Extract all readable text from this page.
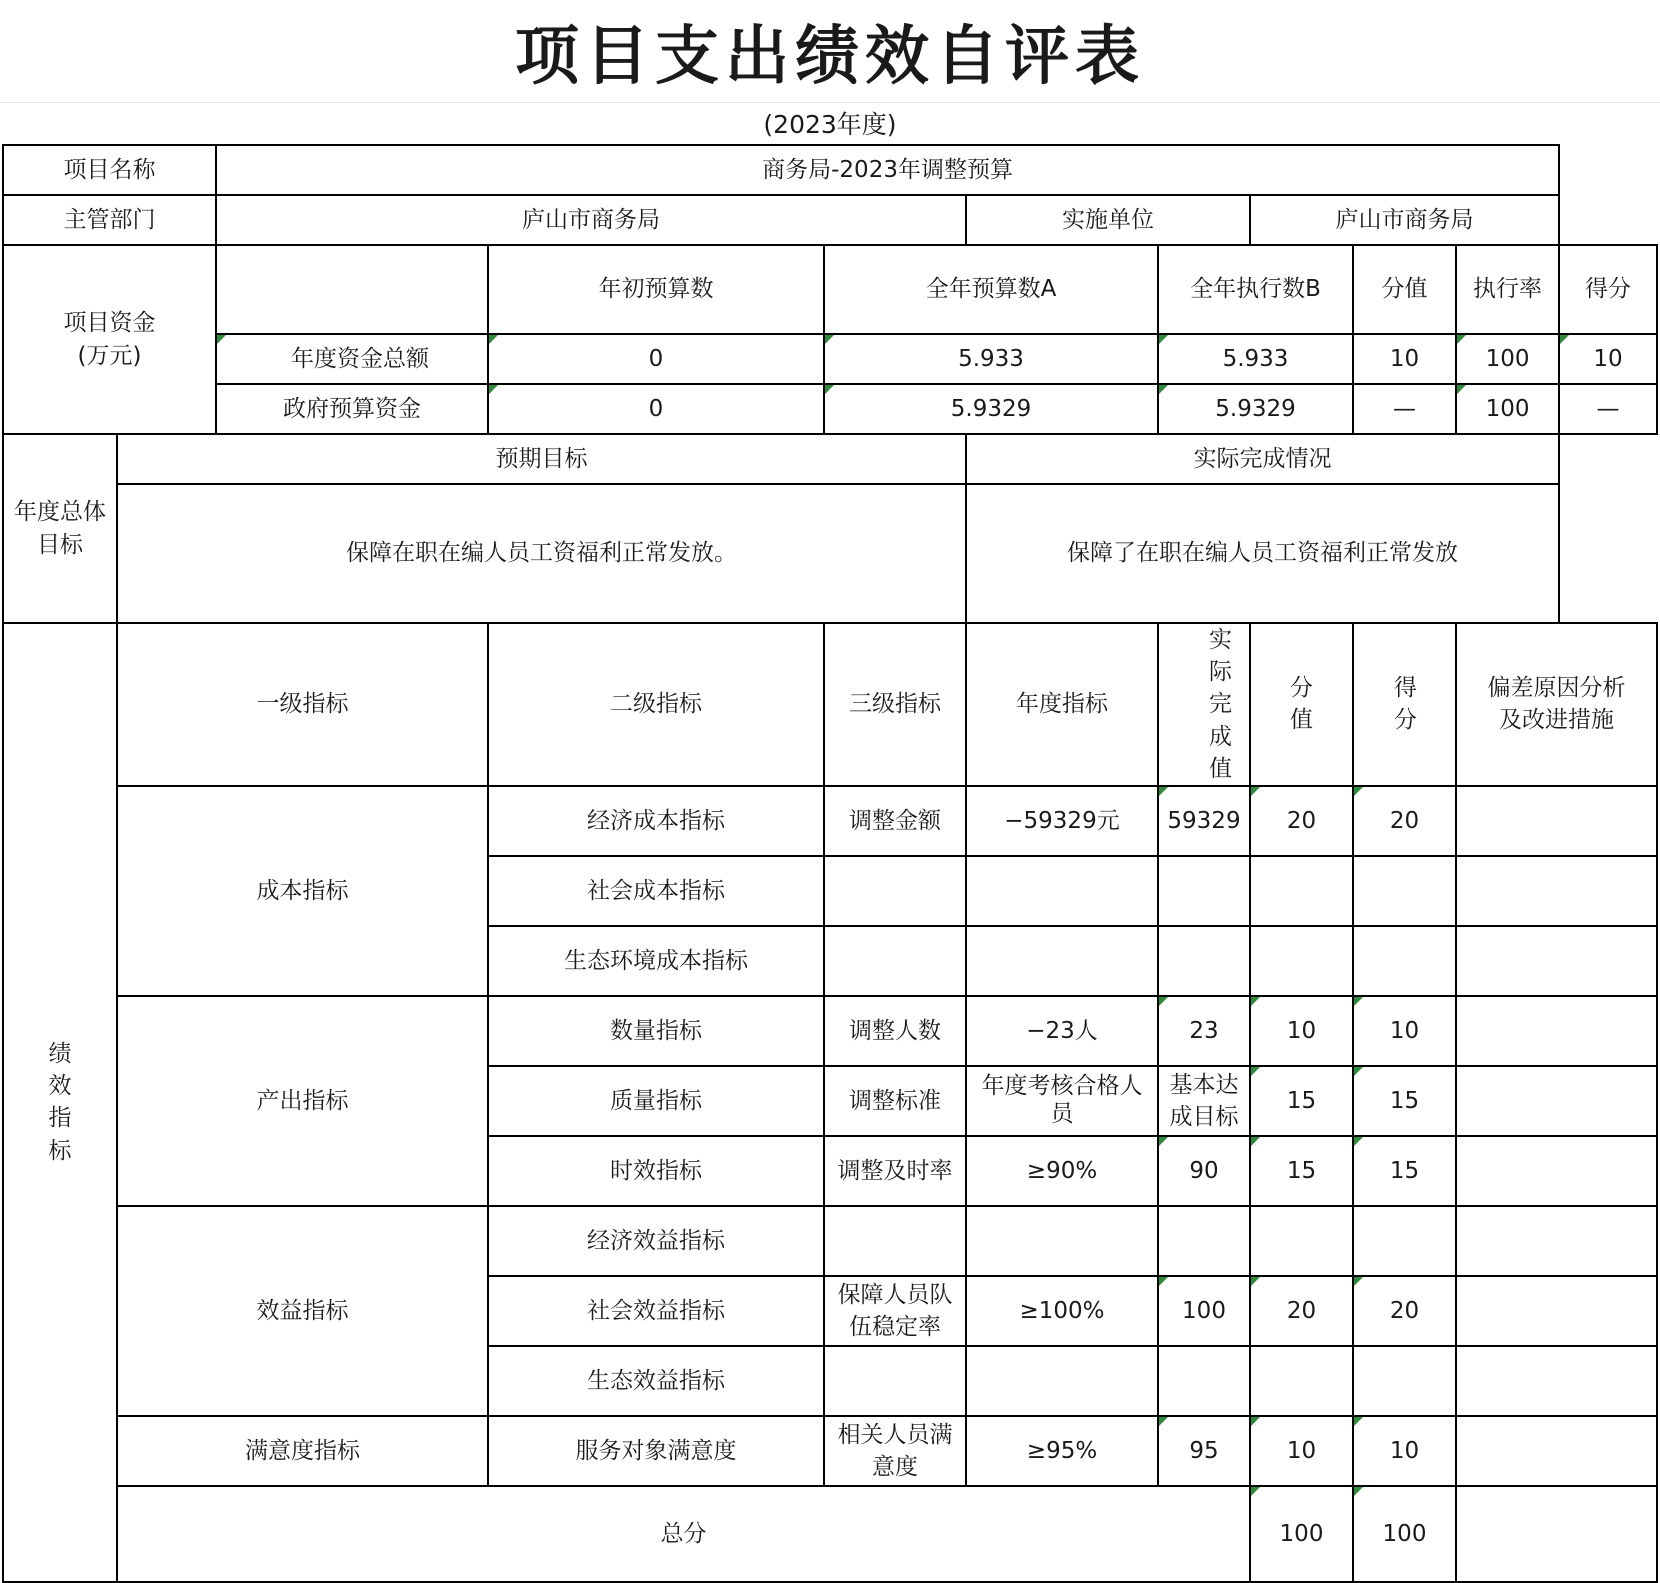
项目支出绩效自评表
(2023年度)
项目名称		商务局-2023年调整预算								
主管部门		庐山市商务局			实施单位		庐山市商务局			

项目资金
(万元)			年初预算数	全年预算数A		全年执行数B		分值	执行率	得分
		年度资金总额	0	5.933		5.933		10	100	10
		政府预算资金	0	5.9329		5.9329		—	100	—
年度总体目标	预期目标				实际完成情况					
	保障在职在编人员工资福利正常发放。				保障了在职在编人员工资福利正常发放					
绩效指标	一级指标		二级指标	三级指标	年度指标	实际完成值	分值	得分	偏差原因分析及改进措施	
	成本指标		经济成本指标	调整金额	−59329元	59329	20	20		
			社会成本指标							
			生态环境成本指标							
	产出指标		数量指标	调整人数	−23人	23	10	10		
			质量指标	调整标准	年度考核合格人员	基本达成目标	15	15		
			时效指标	调整及时率	≥90%	90	15	15		
	效益指标		经济效益指标							
			社会效益指标	保障人员队伍稳定率	≥100%	100	20	20		
			生态效益指标							
	满意度指标		服务对象满意度	相关人员满意度	≥95%	95	10	10		
	总分						100	100		
